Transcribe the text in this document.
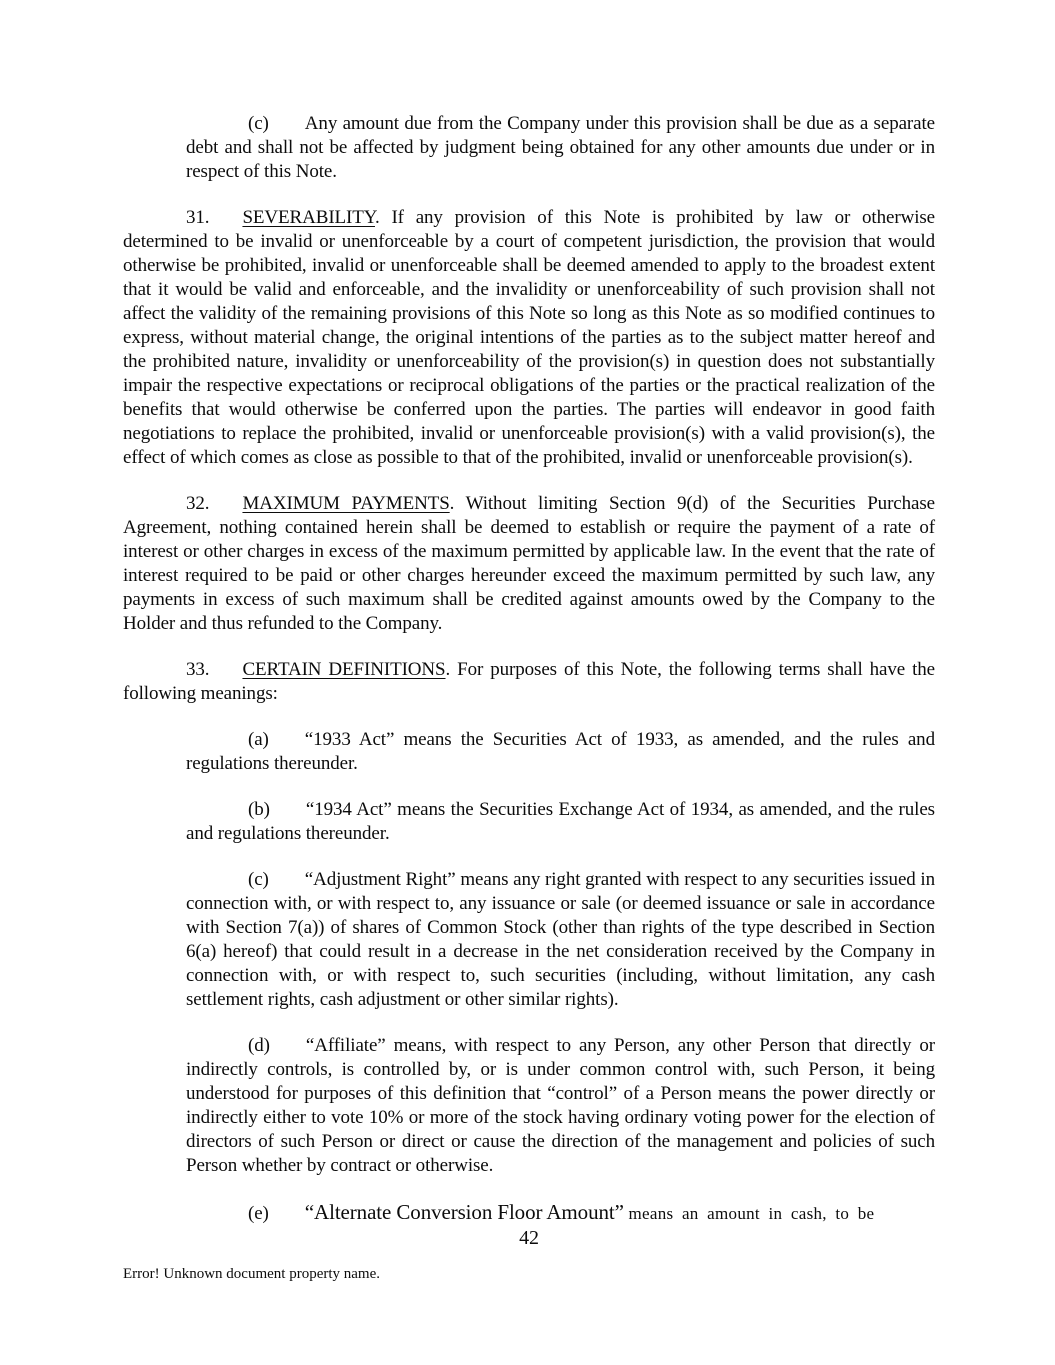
(c) Any amount due from the Company under this provision shall be due as a separate debt and shall not be affected by judgment being obtained for any other amounts due under or in respect of this Note.

31. SEVERABILITY. If any provision of this Note is prohibited by law or otherwise determined to be invalid or unenforceable by a court of competent jurisdiction, the provision that would otherwise be prohibited, invalid or unenforceable shall be deemed amended to apply to the broadest extent that it would be valid and enforceable, and the invalidity or unenforceability of such provision shall not affect the validity of the remaining provisions of this Note so long as this Note as so modified continues to express, without material change, the original intentions of the parties as to the subject matter hereof and the prohibited nature, invalidity or unenforceability of the provision(s) in question does not substantially impair the respective expectations or reciprocal obligations of the parties or the practical realization of the benefits that would otherwise be conferred upon the parties. The parties will endeavor in good faith negotiations to replace the prohibited, invalid or unenforceable provision(s) with a valid provision(s), the effect of which comes as close as possible to that of the prohibited, invalid or unenforceable provision(s).

32. MAXIMUM PAYMENTS. Without limiting Section 9(d) of the Securities Purchase Agreement, nothing contained herein shall be deemed to establish or require the payment of a rate of interest or other charges in excess of the maximum permitted by applicable law. In the event that the rate of interest required to be paid or other charges hereunder exceed the maximum permitted by such law, any payments in excess of such maximum shall be credited against amounts owed by the Company to the Holder and thus refunded to the Company.

33. CERTAIN DEFINITIONS. For purposes of this Note, the following terms shall have the following meanings:

(a) “1933 Act” means the Securities Act of 1933, as amended, and the rules and regulations thereunder.

(b) “1934 Act” means the Securities Exchange Act of 1934, as amended, and the rules and regulations thereunder.

(c) “Adjustment Right” means any right granted with respect to any securities issued in connection with, or with respect to, any issuance or sale (or deemed issuance or sale in accordance with Section 7(a)) of shares of Common Stock (other than rights of the type described in Section 6(a) hereof) that could result in a decrease in the net consideration received by the Company in connection with, or with respect to, such securities (including, without limitation, any cash settlement rights, cash adjustment or other similar rights).

(d) “Affiliate” means, with respect to any Person, any other Person that directly or indirectly controls, is controlled by, or is under common control with, such Person, it being understood for purposes of this definition that “control” of a Person means the power directly or indirectly either to vote 10% or more of the stock having ordinary voting power for the election of directors of such Person or direct or cause the direction of the management and policies of such Person whether by contract or otherwise.

(e) “Alternate Conversion Floor Amount” means an amount in cash, to be

42

Error! Unknown document property name.
